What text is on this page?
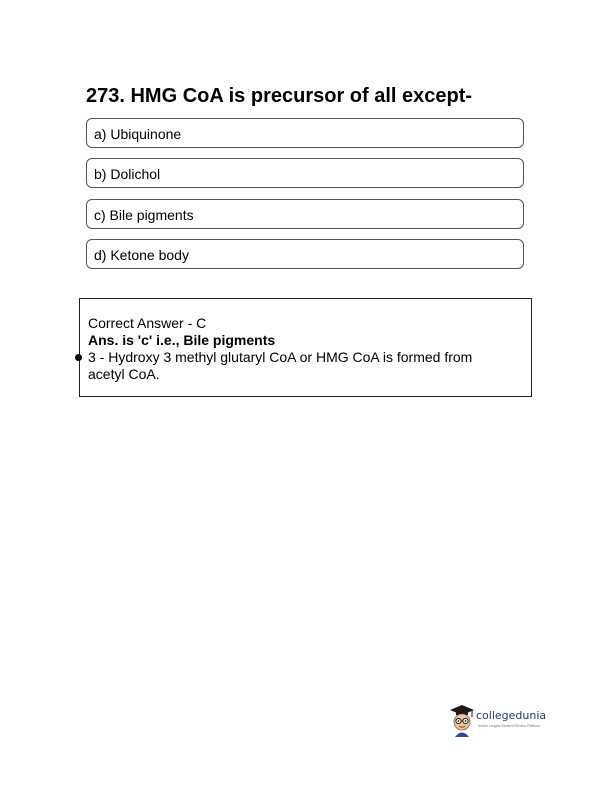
273. HMG CoA is precursor of all except-
a) Ubiquinone
b) Dolichol
c) Bile pigments
d) Ketone body
Correct Answer - C
Ans. is 'c' i.e., Bile pigments
3 - Hydroxy 3 methyl glutaryl CoA or HMG CoA is formed from acetyl CoA.
collegedunia
India's Largest Student Review Platform
